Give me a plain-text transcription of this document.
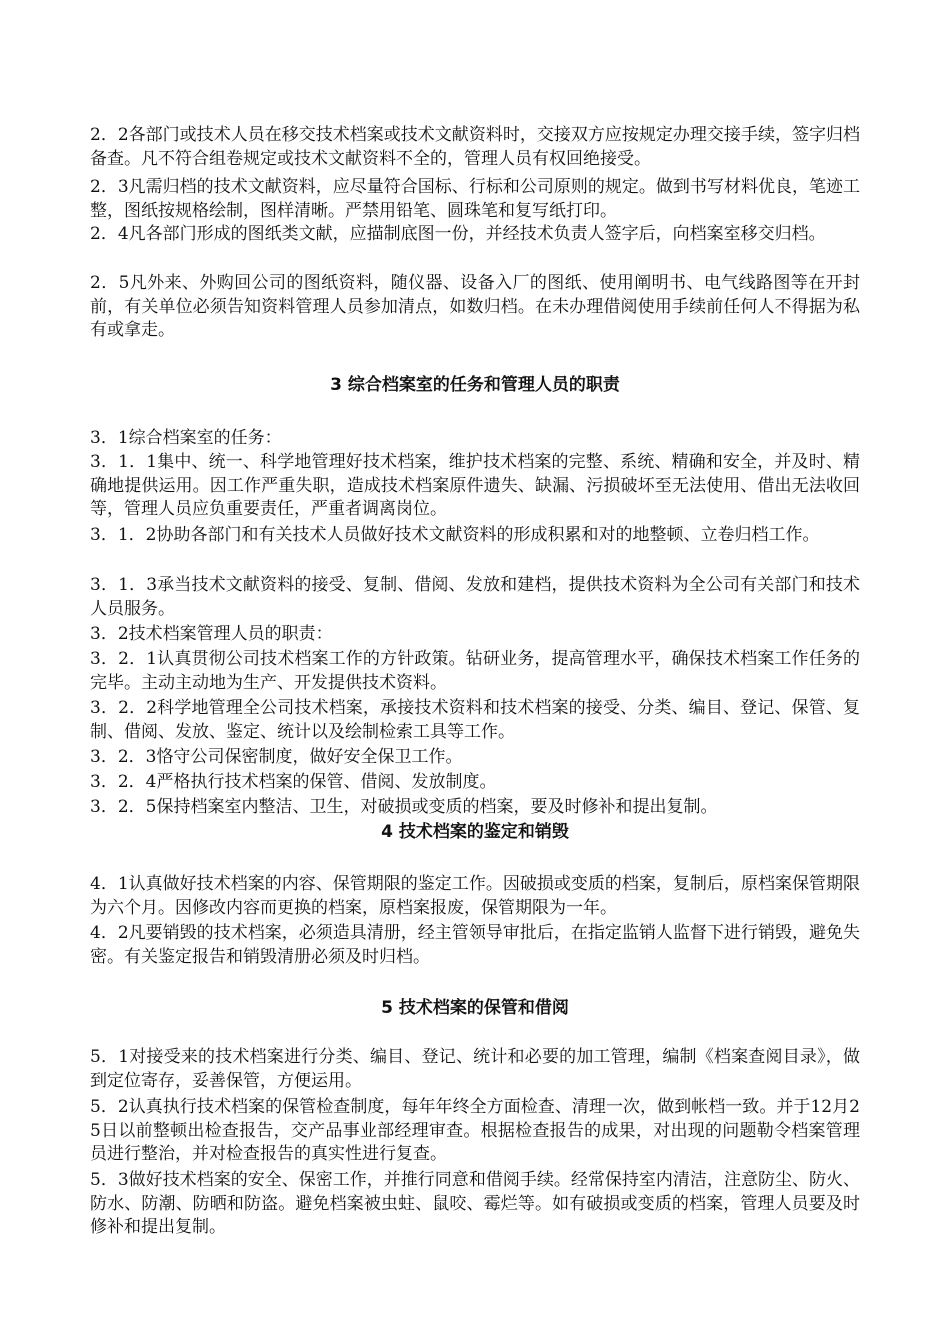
2．2各部门或技术人员在移交技术档案或技术文献资料时，交接双方应按规定办理交接手续，签字归档备查。凡不符合组卷规定或技术文献资料不全的，管理人员有权回绝接受。

2．3凡需归档的技术文献资料，应尽量符合国标、行标和公司原则的规定。做到书写材料优良，笔迹工整，图纸按规格绘制，图样清晰。严禁用铅笔、圆珠笔和复写纸打印。

2．4凡各部门形成的图纸类文献，应描制底图一份，并经技术负责人签字后，向档案室移交归档。

2．5凡外来、外购回公司的图纸资料，随仪器、设备入厂的图纸、使用阐明书、电气线路图等在开封前，有关单位必须告知资料管理人员参加清点，如数归档。在未办理借阅使用手续前任何人不得据为私有或拿走。

3 综合档案室的任务和管理人员的职责

3．1综合档案室的任务：

3．1．1集中、统一、科学地管理好技术档案，维护技术档案的完整、系统、精确和安全，并及时、精确地提供运用。因工作严重失职，造成技术档案原件遗失、缺漏、污损破坏至无法使用、借出无法收回等，管理人员应负重要责任，严重者调离岗位。

3．1．2协助各部门和有关技术人员做好技术文献资料的形成积累和对的地整顿、立卷归档工作。

3．1．3承当技术文献资料的接受、复制、借阅、发放和建档，提供技术资料为全公司有关部门和技术人员服务。

3．2技术档案管理人员的职责：

3．2．1认真贯彻公司技术档案工作的方针政策。钻研业务，提高管理水平，确保技术档案工作任务的完毕。主动主动地为生产、开发提供技术资料。

3．2．2科学地管理全公司技术档案，承接技术资料和技术档案的接受、分类、编目、登记、保管、复制、借阅、发放、鉴定、统计以及绘制检索工具等工作。

3．2．3恪守公司保密制度，做好安全保卫工作。

3．2．4严格执行技术档案的保管、借阅、发放制度。

3．2．5保持档案室内整洁、卫生，对破损或变质的档案，要及时修补和提出复制。

4 技术档案的鉴定和销毁

4．1认真做好技术档案的内容、保管期限的鉴定工作。因破损或变质的档案，复制后，原档案保管期限为六个月。因修改内容而更换的档案，原档案报废，保管期限为一年。

4．2凡要销毁的技术档案，必须造具清册，经主管领导审批后，在指定监销人监督下进行销毁，避免失密。有关鉴定报告和销毁清册必须及时归档。

5 技术档案的保管和借阅

5．1对接受来的技术档案进行分类、编目、登记、统计和必要的加工管理，编制《档案查阅目录》，做到定位寄存，妥善保管，方便运用。

5．2认真执行技术档案的保管检查制度，每年年终全方面检查、清理一次，做到帐档一致。并于12月25日以前整顿出检查报告，交产品事业部经理审查。根据检查报告的成果，对出现的问题勒令档案管理员进行整治，并对检查报告的真实性进行复查。

5．3做好技术档案的安全、保密工作，并推行同意和借阅手续。经常保持室内清洁，注意防尘、防火、防水、防潮、防晒和防盗。避免档案被虫蛀、鼠咬、霉烂等。如有破损或变质的档案，管理人员要及时修补和提出复制。
